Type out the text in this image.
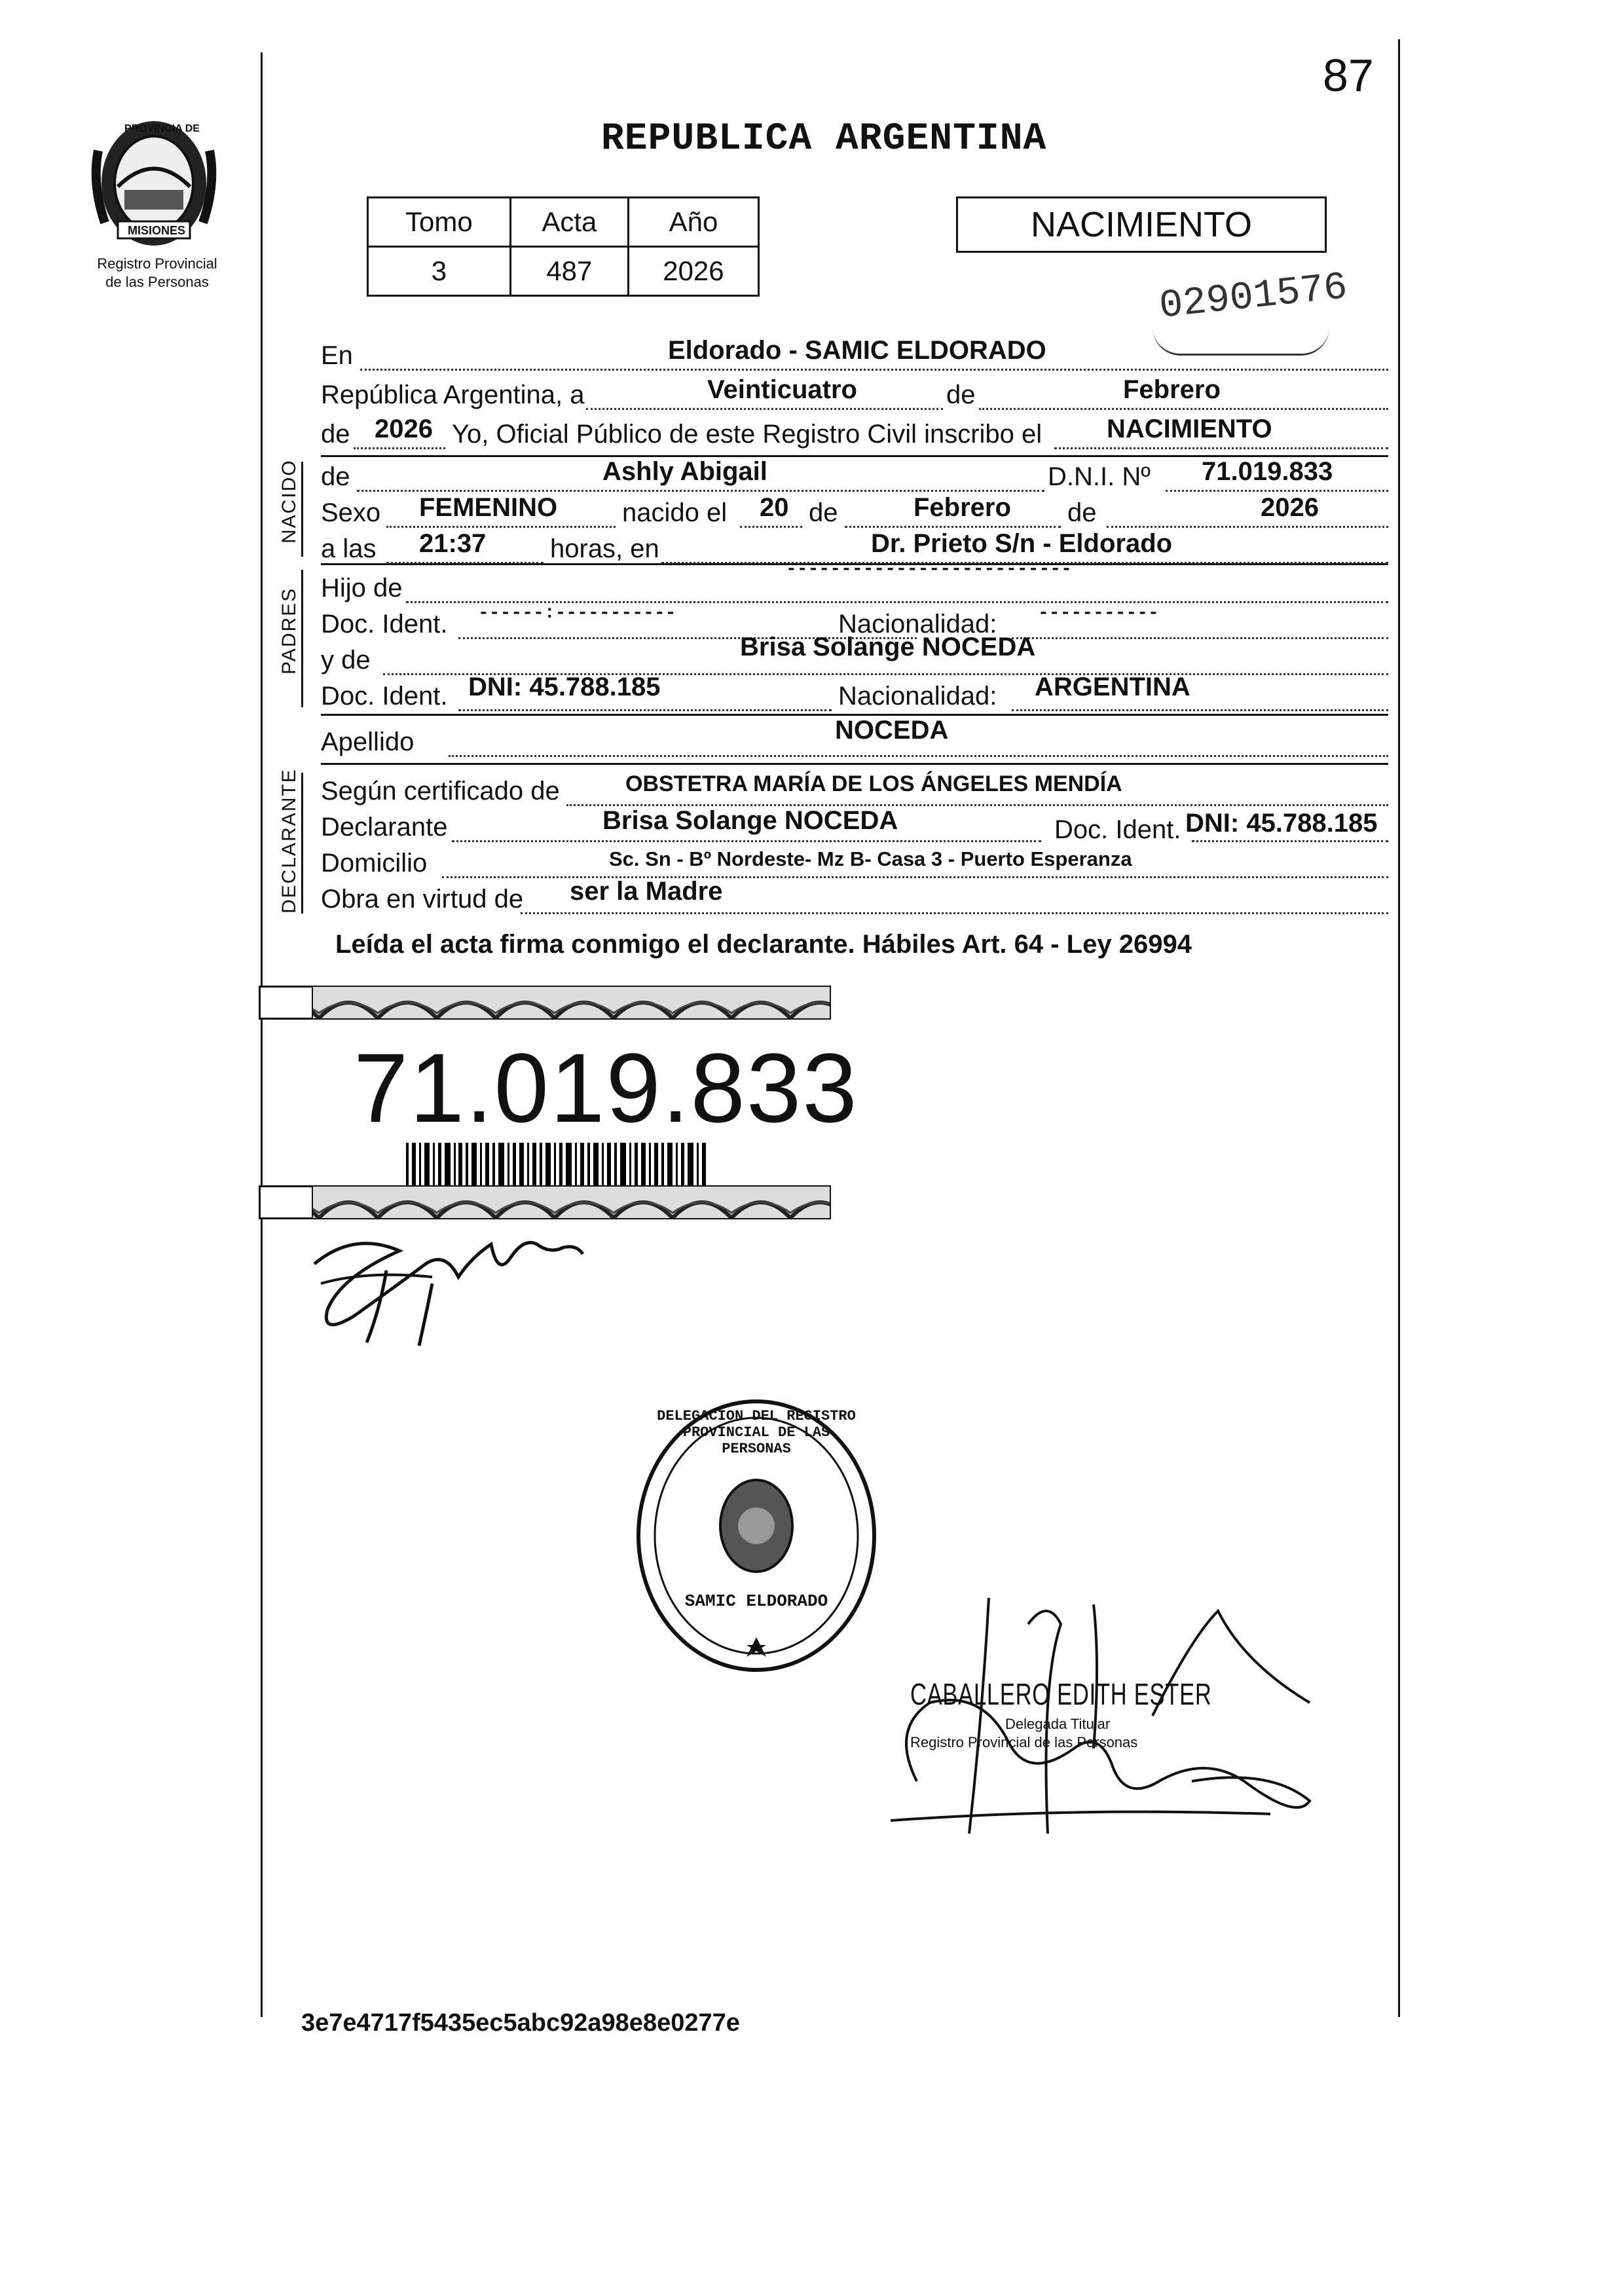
PROVINCIA DE
MISIONES
Registro Provincial
de las Personas
87
REPUBLICA ARGENTINA
Tomo	Acta	Año
3	487	2026
NACIMIENTO
02901576
En	Eldorado - SAMIC ELDORADO
República Argentina, a	Veinticuatro	de	Febrero
de 2026 Yo, Oficial Público de este Registro Civil inscribo el NACIMIENTO
NACIDO de	Ashly Abigail	D.N.I. Nº 71.019.833
Sexo FEMENINO nacido el 20 de	Febrero de	2026
a las 21:37 horas, en	Dr. Prieto S/n - Eldorado
PADRES Hijo de
--------------------------
Doc. Ident. ------:-----------	Nacionalidad: -----------
y de	Brisa Solange NOCEDA
Doc. Ident. DNI: 45.788.185	Nacionalidad: ARGENTINA
Apellido	NOCEDA
DECLARANTE Según certificado de	OBSTETRA MARÍA DE LOS ÁNGELES MENDÍA
Declarante	Brisa Solange NOCEDA	Doc. Ident. DNI: 45.788.185
Domicilio	Sc. Sn - Bº Nordeste- Mz B- Casa 3 - Puerto Esperanza
Obra en virtud de ser la Madre
Leída el acta firma conmigo el declarante. Hábiles Art. 64 - Ley 26994
71.019.833
DELEGACION DEL REGISTRO PROVINCIAL DE LAS PERSONAS
SAMIC ELDORADO
CABALLERO EDITH ESTER
Delegada Titular
Registro Provincial de las Personas
3e7e4717f5435ec5abc92a98e8e0277e
